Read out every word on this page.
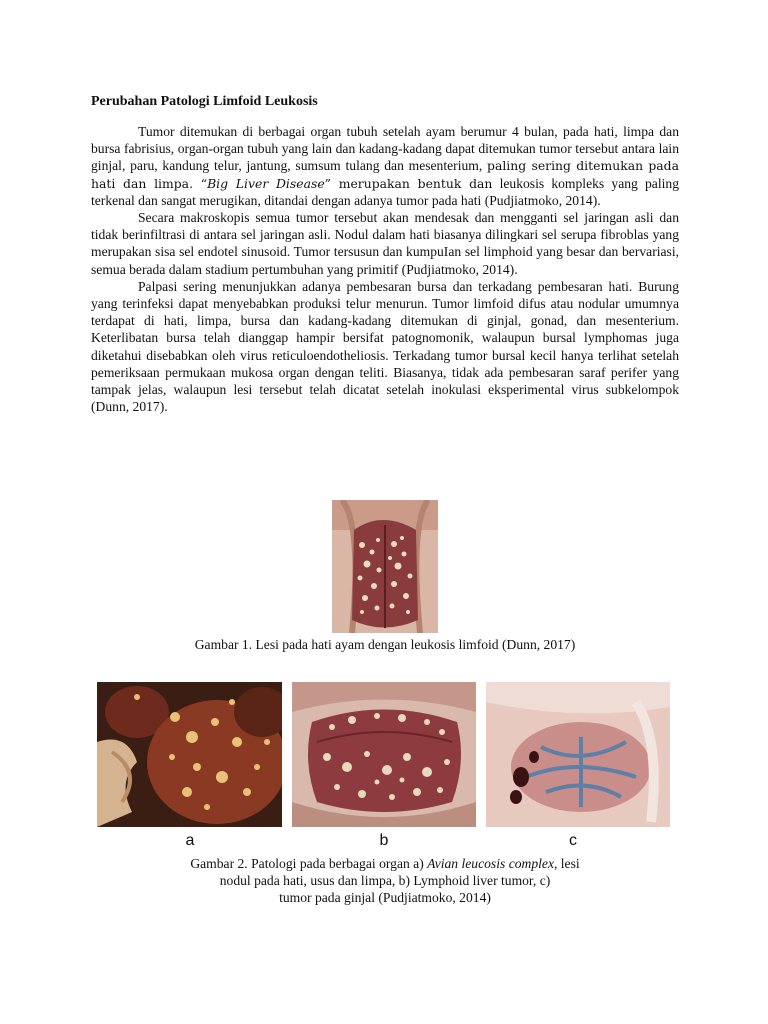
Perubahan Patologi Limfoid Leukosis

Tumor ditemukan di berbagai organ tubuh setelah ayam berumur 4 bulan, pada hati, limpa dan bursa fabrisius, organ-organ tubuh yang lain dan kadang-kadang dapat ditemukan tumor tersebut antara lain ginjal, paru, kandung telur, jantung, sumsum tulang dan mesenterium, paling sering ditemukan pada hati dan limpa. “Big Liver Disease” merupakan bentuk dan leukosis kompleks yang paling terkenal dan sangat merugikan, ditandai dengan adanya tumor pada hati (Pudjiatmoko, 2014).

Secara makroskopis semua tumor tersebut akan mendesak dan mengganti sel jaringan asli dan tidak berinfiltrasi di antara sel jaringan asli. Nodul dalam hati biasanya dilingkari sel serupa fibroblas yang merupakan sisa sel endotel sinusoid. Tumor tersusun dan kumpuIan sel limphoid yang besar dan bervariasi, semua berada dalam stadium pertumbuhan yang primitif (Pudjiatmoko, 2014).

Palpasi sering menunjukkan adanya pembesaran bursa dan terkadang pembesaran hati. Burung yang terinfeksi dapat menyebabkan produksi telur menurun. Tumor limfoid difus atau nodular umumnya terdapat di hati, limpa, bursa dan kadang-kadang ditemukan di ginjal, gonad, dan mesenterium. Keterlibatan bursa telah dianggap hampir bersifat patognomonik, walaupun bursal lymphomas juga diketahui disebabkan oleh virus reticuloendotheliosis. Terkadang tumor bursal kecil hanya terlihat setelah pemeriksaan permukaan mukosa organ dengan teliti. Biasanya, tidak ada pembesaran saraf perifer yang tampak jelas, walaupun lesi tersebut telah dicatat setelah inokulasi eksperimental virus subkelompok (Dunn, 2017).

Gambar 1. Lesi pada hati ayam dengan leukosis limfoid (Dunn, 2017)
a	b	c
Gambar 2. Patologi pada berbagai organ a) Avian leucosis complex, lesi
nodul pada hati, usus dan limpa, b) Lymphoid liver tumor, c)
tumor pada ginjal (Pudjiatmoko, 2014)
